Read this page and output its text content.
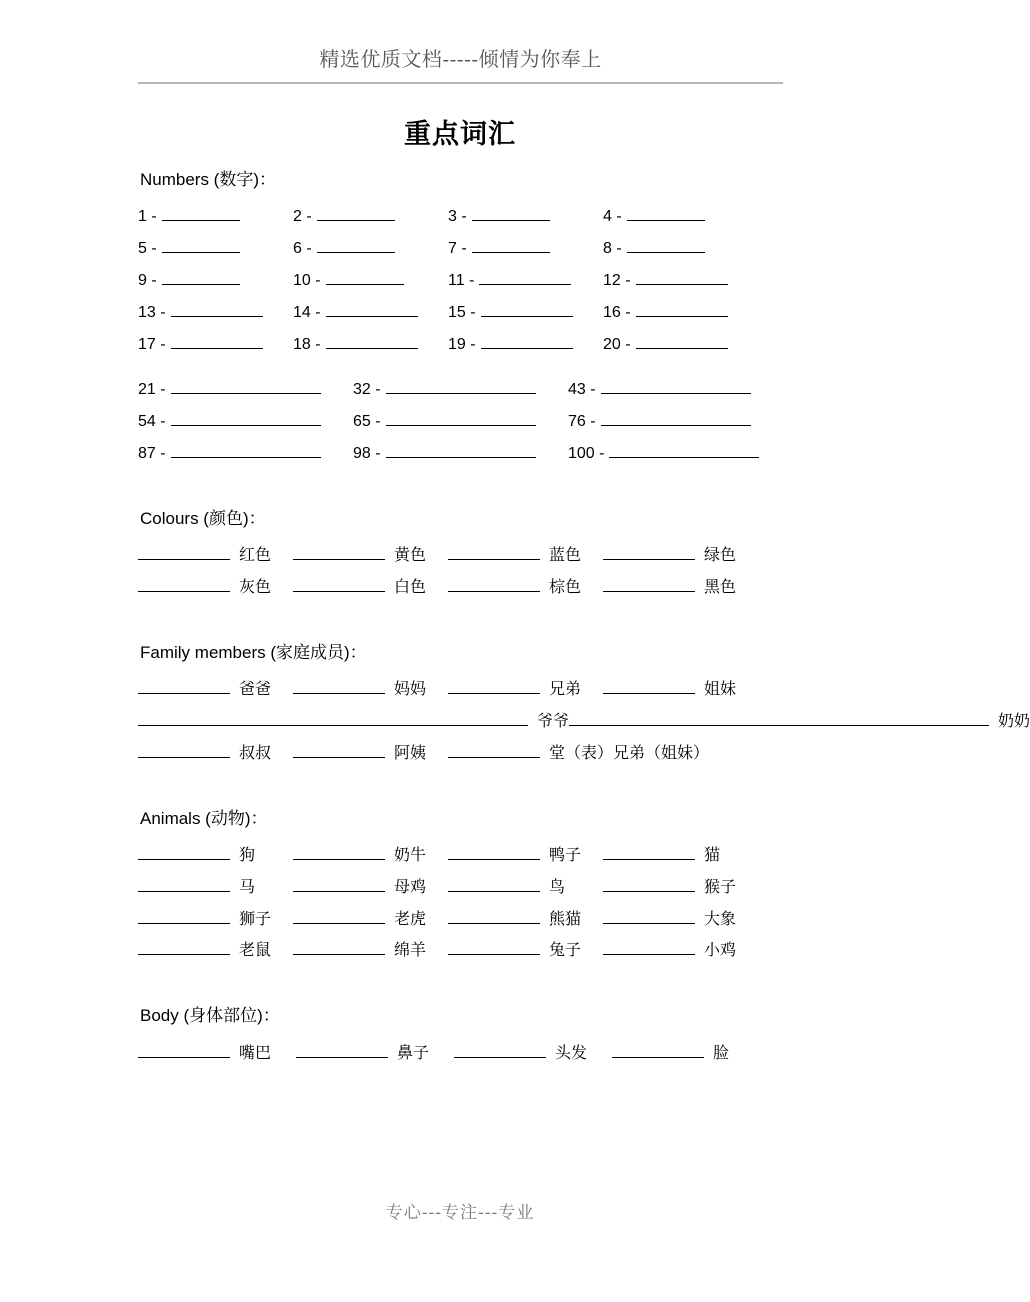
精选优质文档-----倾情为你奉上
重点词汇
Numbers (数字)：
1 -	2 -	3 -	4 -
5 -	6 -	7 -	8 -
9 -	10 -	11 -	12 -
13 -	14 -	15 -	16 -
17 -	18 -	19 -	20 -
21 -	32 -	43 -
54 -	65 -	76 -
87 -	98 -	100 -
Colours (颜色)：
红色	黄色	蓝色	绿色
灰色	白色	棕色	黑色
Family members (家庭成员)：
爸爸	妈妈	兄弟	姐妹
爷爷	奶奶
叔叔	阿姨	堂（表）兄弟（姐妹）
Animals (动物)：
狗	奶牛	鸭子	猫
马	母鸡	鸟	猴子
狮子	老虎	熊猫	大象
老鼠	绵羊	兔子	小鸡
Body (身体部位)：
嘴巴	鼻子	头发	脸
专心---专注---专业
